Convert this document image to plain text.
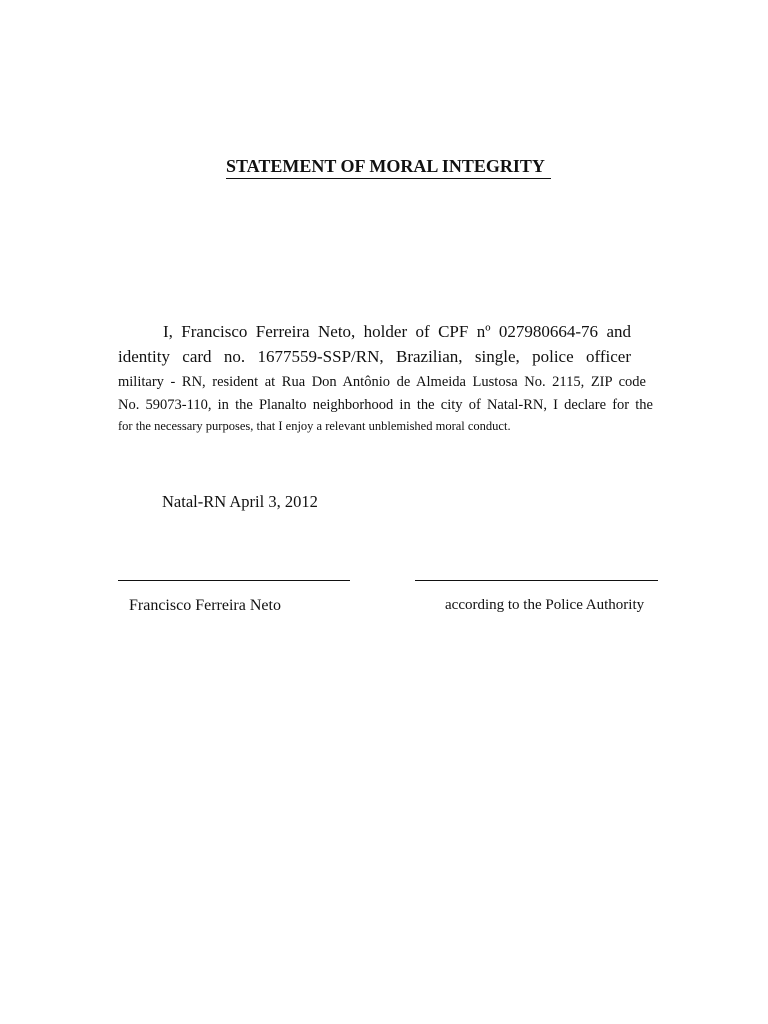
STATEMENT OF MORAL INTEGRITY
I, Francisco Ferreira Neto, holder of CPF nº 027980664-76 and
identity card no. 1677559-SSP/RN, Brazilian, single, police officer
military - RN, resident at Rua Don Antônio de Almeida Lustosa No. 2115, ZIP code
No. 59073-110, in the Planalto neighborhood in the city of Natal-RN, I declare for the
for the necessary purposes, that I enjoy a relevant unblemished moral conduct.
Natal-RN April 3, 2012
Francisco Ferreira Neto	according to the Police Authority
